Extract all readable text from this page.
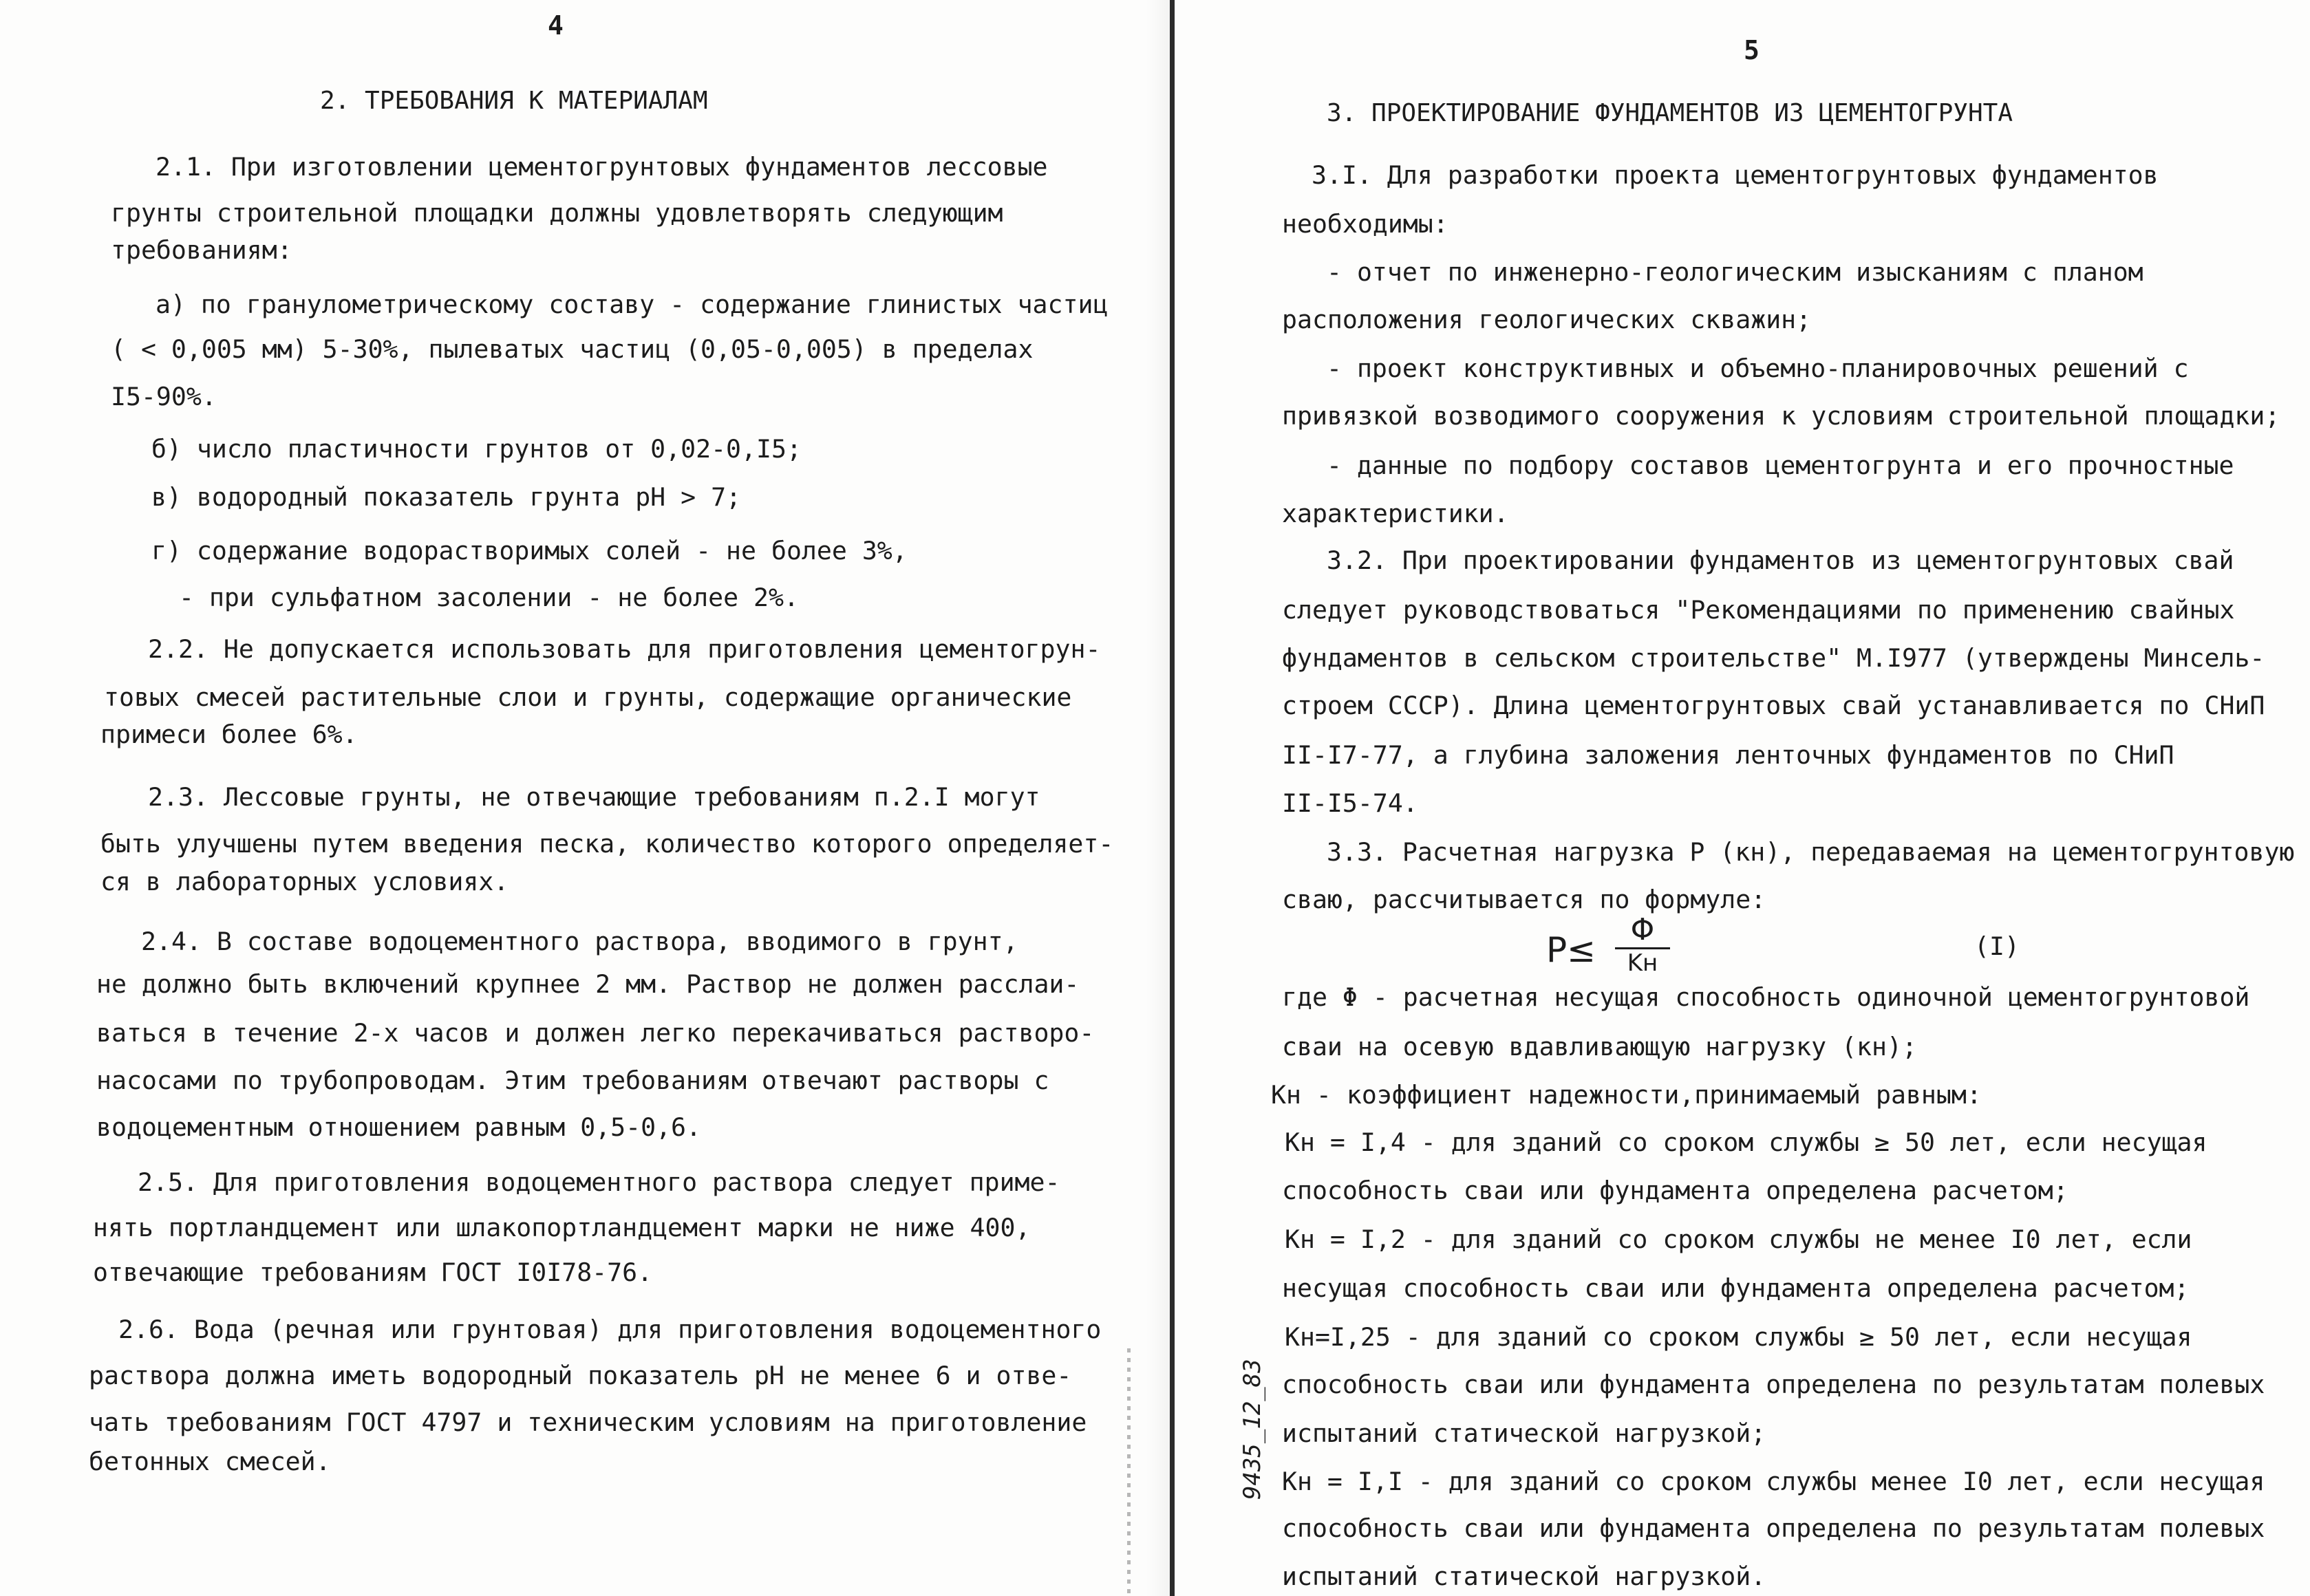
4
2. ТРЕБОВАНИЯ К МАТЕРИАЛАМ
2.1. При изготовлении цементогрунтовых фундаментов лессовые
грунты строительной площадки должны удовлетворять следующим
требованиям:
а) по гранулометрическому составу - содержание глинистых частиц
( < 0,005 мм) 5-30%, пылеватых частиц (0,05-0,005) в пределах
І5-90%.
б) число пластичности грунтов от 0,02-0,І5;
в) водородный показатель грунта pH > 7;
г) содержание водорастворимых солей - не более 3%,
- при сульфатном засолении - не более 2%.
2.2. Не допускается использовать для приготовления цементогрун-
товых смесей растительные слои и грунты, содержащие органические
примеси более 6%.
2.3. Лессовые грунты, не отвечающие требованиям п.2.І могут
быть улучшены путем введения песка, количество которого определяет-
ся в лабораторных условиях.
2.4. В составе водоцементного раствора, вводимого в грунт,
не должно быть включений крупнее 2 мм. Раствор не должен расслаи-
ваться в течение 2-х часов и должен легко перекачиваться растворо-
насосами по трубопроводам. Этим требованиям отвечают растворы с
водоцементным отношением равным 0,5-0,6.
2.5. Для приготовления водоцементного раствора следует приме-
нять портландцемент или шлакопортландцемент марки не ниже 400,
отвечающие требованиям ГОСТ І0І78-76.
2.6. Вода (речная или грунтовая) для приготовления водоцементного
раствора должна иметь водородный показатель pH не менее 6 и отве-
чать требованиям ГОСТ 4797 и техническим условиям на приготовление
бетонных смесей.
5
3. ПРОЕКТИРОВАНИЕ ФУНДАМЕНТОВ ИЗ ЦЕМЕНТОГРУНТА
3.І. Для разработки проекта цементогрунтовых фундаментов
необходимы:
- отчет по инженерно-геологическим изысканиям с планом
расположения геологических скважин;
- проект конструктивных и объемно-планировочных решений с
привязкой возводимого сооружения к условиям строительной площадки;
- данные по подбору составов цементогрунта и его прочностные
характеристики.
3.2. При проектировании фундаментов из цементогрунтовых свай
следует руководствоваться "Рекомендациями по применению свайных
фундаментов в сельском строительстве" М.І977 (утверждены Минсель-
строем СССР). Длина цементогрунтовых свай устанавливается по СНиП
II-І7-77, а глубина заложения ленточных фундаментов по СНиП
II-І5-74.
3.3. Расчетная нагрузка P (кн), передаваемая на цементогрунтовую
сваю, рассчитывается по формуле:
P≤
Φ
Kн
(I)
где Φ - расчетная несущая способность одиночной цементогрунтовой
сваи на осевую вдавливающую нагрузку (кн);
Kн - коэффициент надежности,принимаемый равным:
Kн = І,4 - для зданий со сроком службы ≥ 50 лет, если несущая
способность сваи или фундамента определена расчетом;
Kн = І,2 - для зданий со сроком службы не менее І0 лет, если
несущая способность сваи или фундамента определена расчетом;
Kн=І,25 - для зданий со сроком службы ≥ 50 лет, если несущая
способность сваи или фундамента определена по результатам полевых
испытаний статической нагрузкой;
Kн = І,І - для зданий со сроком службы менее І0 лет, если несущая
способность сваи или фундамента определена по результатам полевых
испытаний статической нагрузкой.
9435_12_83
